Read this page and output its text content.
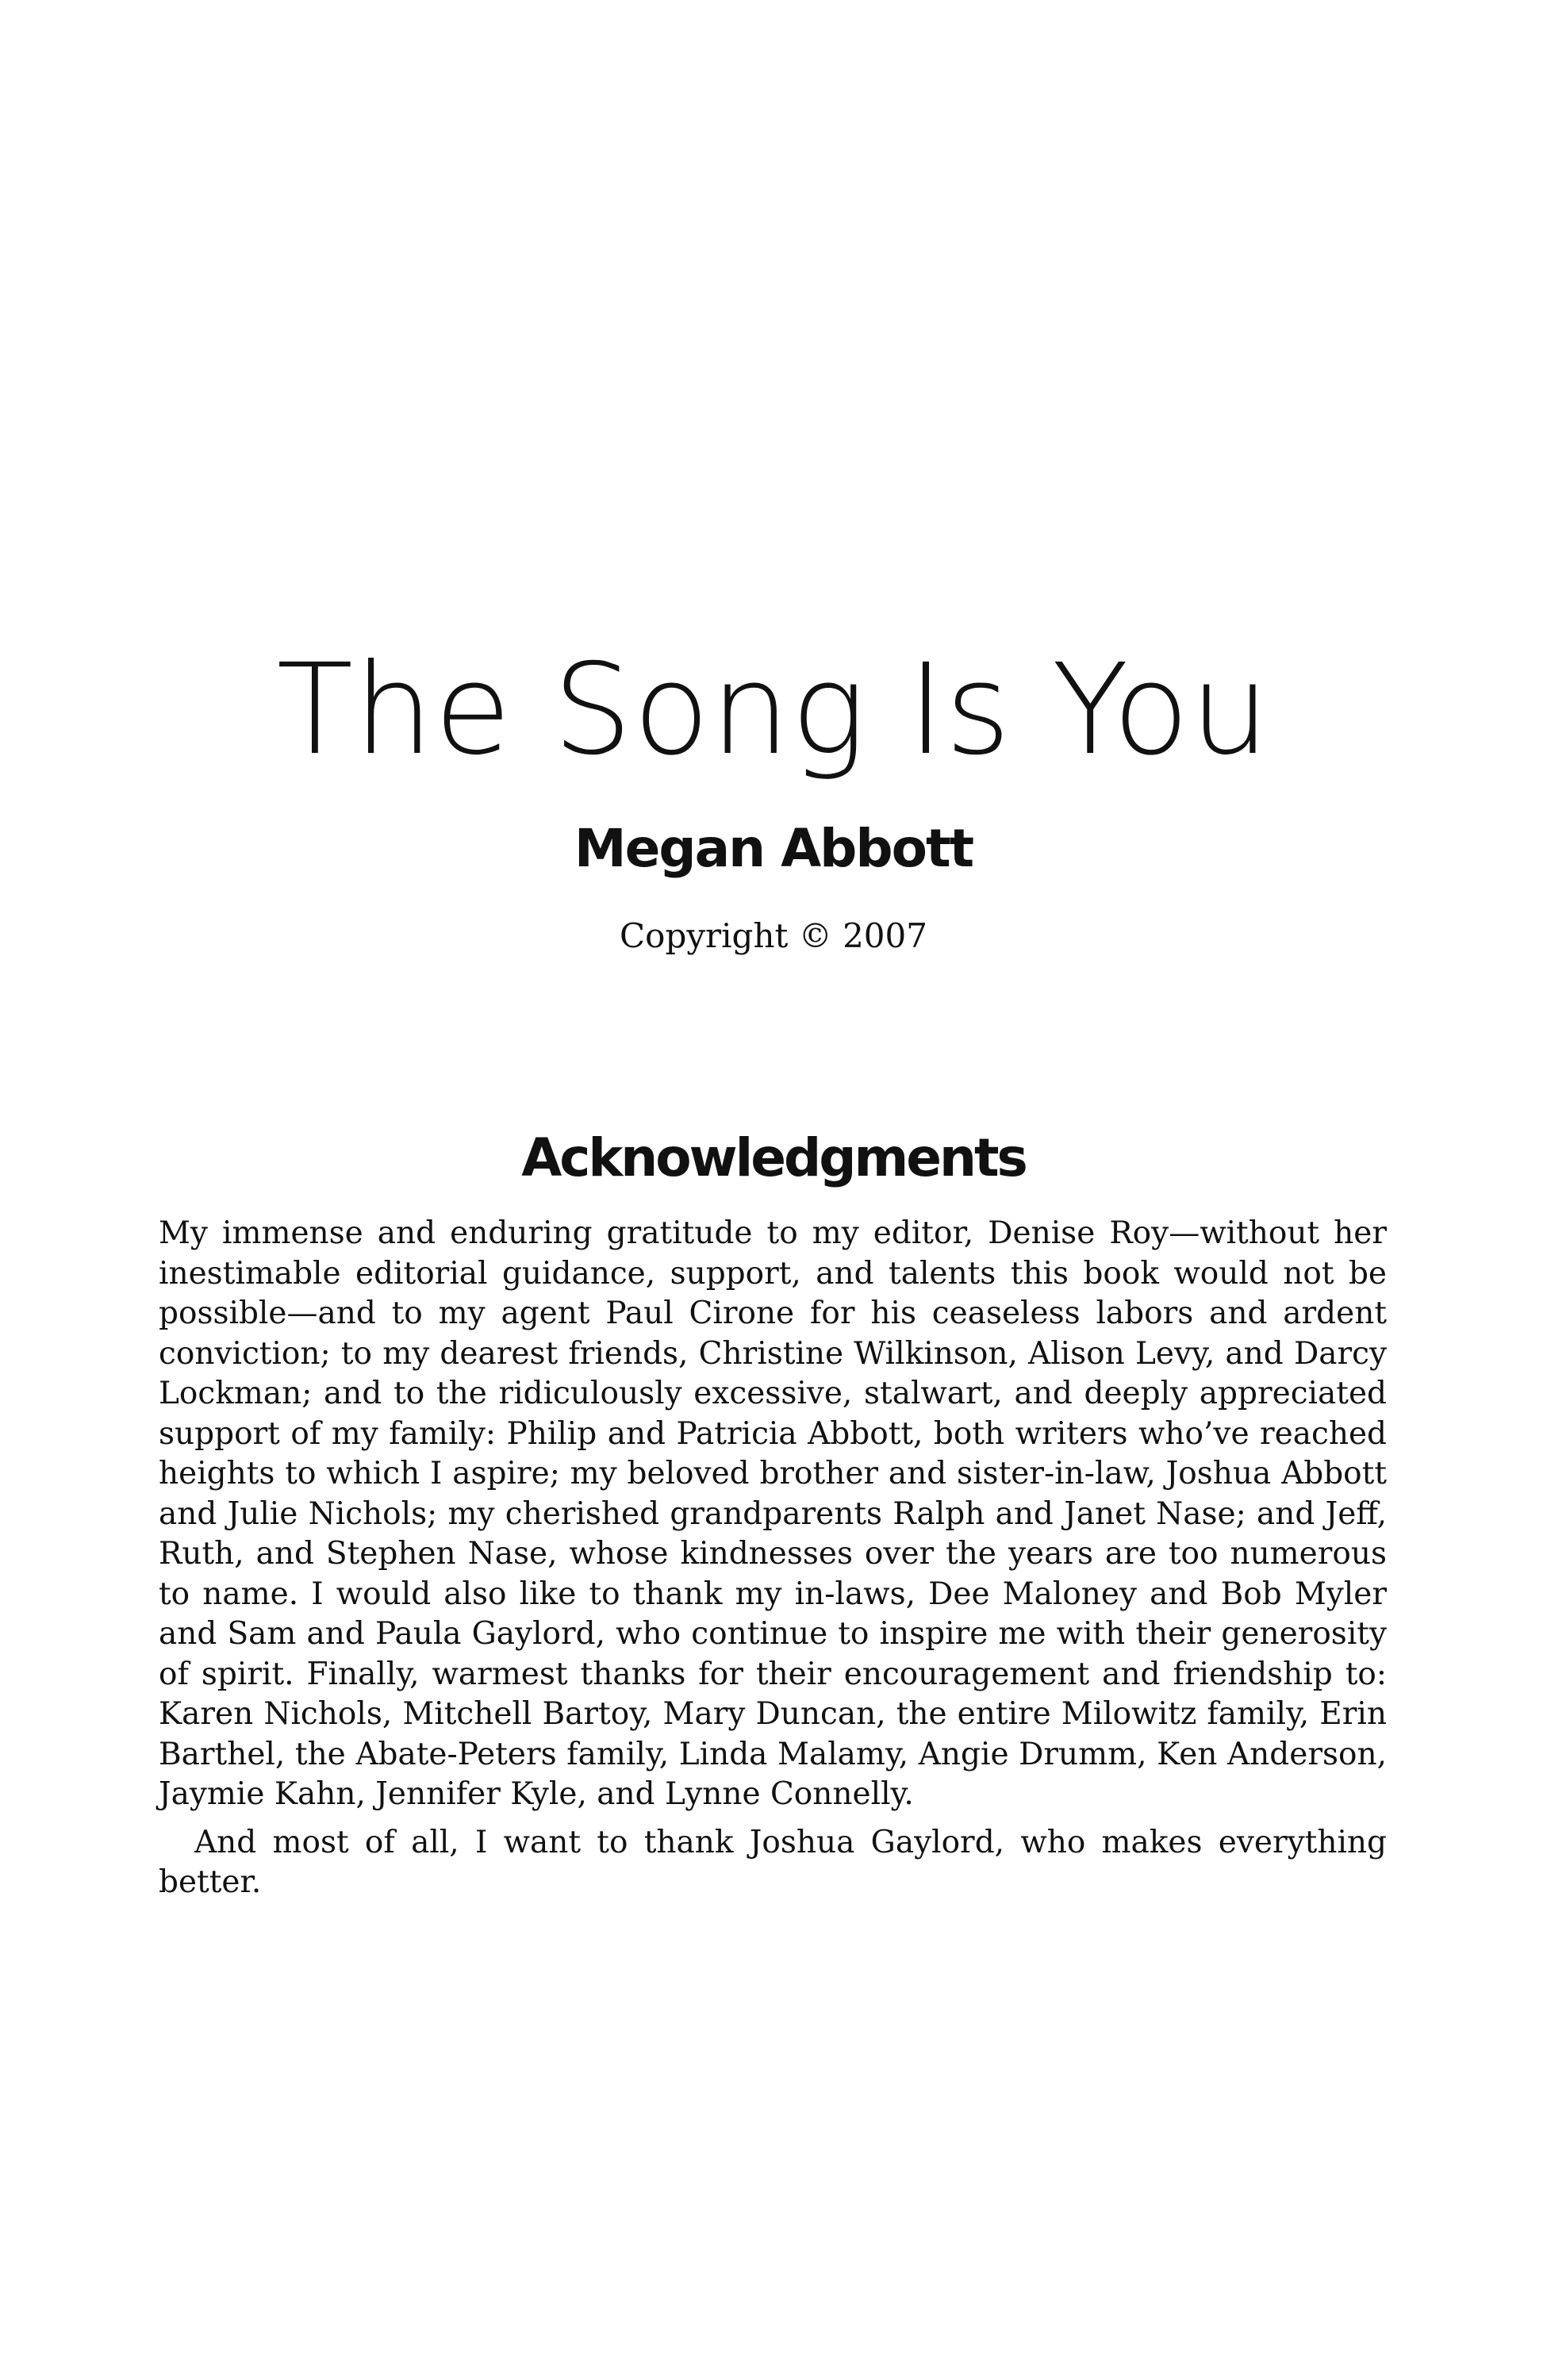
The Song Is You
Megan Abbott

Copyright © 2007

Acknowledgments

My immense and enduring gratitude to my editor, Denise Roy—without her inestimable editorial guidance, support, and talents this book would not be possible—and to my agent Paul Cirone for his ceaseless labors and ardent conviction; to my dearest friends, Christine Wilkinson, Alison Levy, and Darcy Lockman; and to the ridiculously excessive, stalwart, and deeply appreciated support of my family: Philip and Patricia Abbott, both writers who’ve reached heights to which I aspire; my beloved brother and sister-in-law, Joshua Abbott and Julie Nichols; my cherished grandparents Ralph and Janet Nase; and Jeff, Ruth, and Stephen Nase, whose kindnesses over the years are too numerous to name. I would also like to thank my in-laws, Dee Maloney and Bob Myler and Sam and Paula Gaylord, who continue to inspire me with their generosity of spirit. Finally, warmest thanks for their encouragement and friendship to: Karen Nichols, Mitchell Bartoy, Mary Duncan, the entire Milowitz family, Erin Barthel, the Abate-Peters family, Linda Malamy, Angie Drumm, Ken Anderson, Jaymie Kahn, Jennifer Kyle, and Lynne Connelly.

And most of all, I want to thank Joshua Gaylord, who makes everything better.
